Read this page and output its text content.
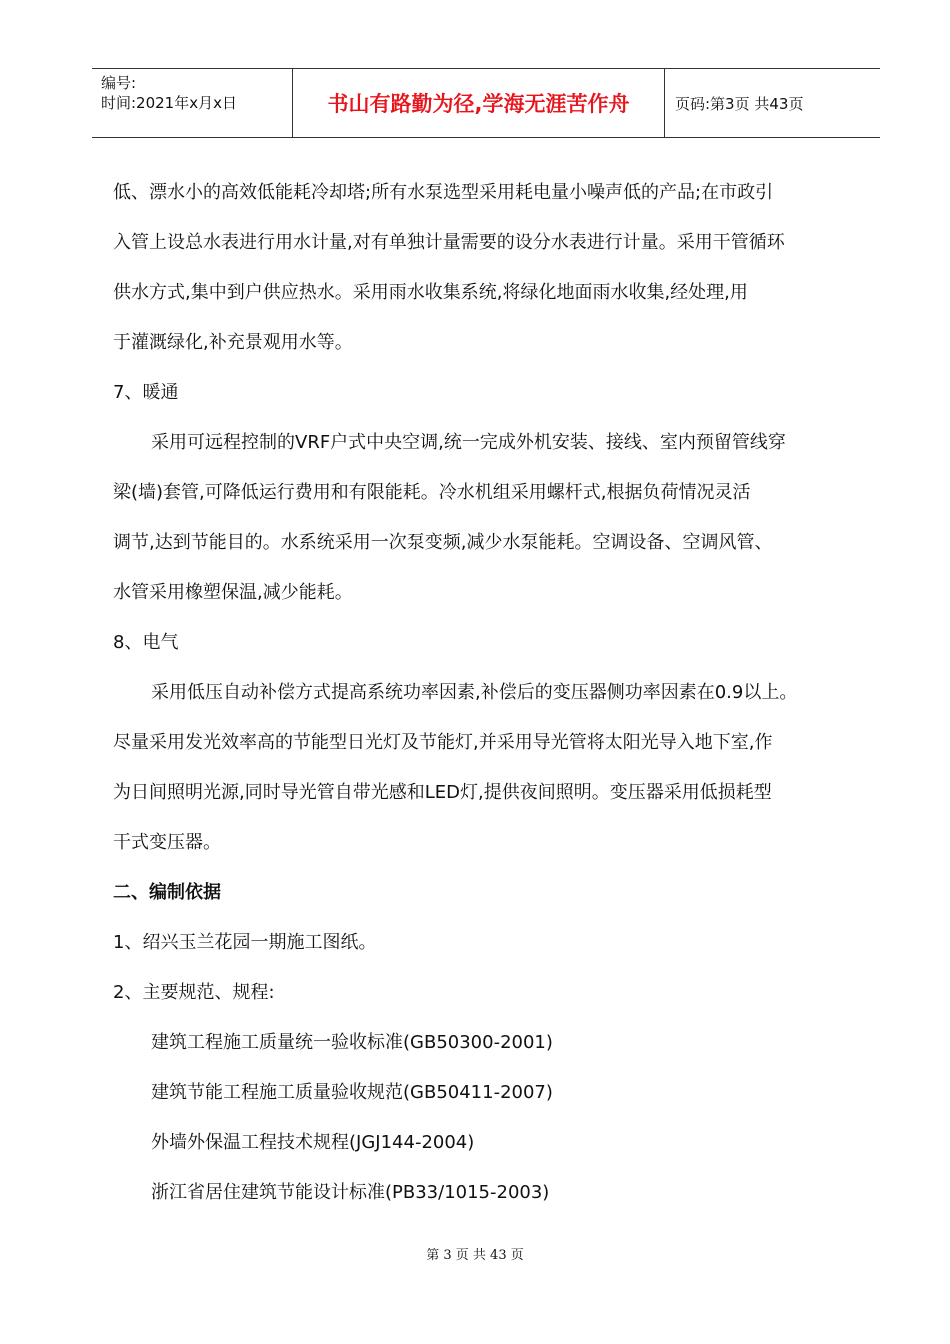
编号:
时间:2021年x月x日	书山有路勤为径,学海无涯苦作舟	页码:第3页 共43页

低、漂水小的高效低能耗冷却塔;所有水泵选型采用耗电量小噪声低的产品;在市政引

入管上设总水表进行用水计量,对有单独计量需要的设分水表进行计量。采用干管循环

供水方式,集中到户供应热水。采用雨水收集系统,将绿化地面雨水收集,经处理,用

于灌溉绿化,补充景观用水等。

7、暖通

采用可远程控制的VRF户式中央空调,统一完成外机安装、接线、室内预留管线穿

梁(墙)套管,可降低运行费用和有限能耗。冷水机组采用螺杆式,根据负荷情况灵活

调节,达到节能目的。水系统采用一次泵变频,减少水泵能耗。空调设备、空调风管、

水管采用橡塑保温,减少能耗。

8、电气

采用低压自动补偿方式提高系统功率因素,补偿后的变压器侧功率因素在0.9以上。

尽量采用发光效率高的节能型日光灯及节能灯,并采用导光管将太阳光导入地下室,作

为日间照明光源,同时导光管自带光感和LED灯,提供夜间照明。变压器采用低损耗型

干式变压器。

二、编制依据

1、绍兴玉兰花园一期施工图纸。

2、主要规范、规程:

建筑工程施工质量统一验收标准(GB50300-2001)

建筑节能工程施工质量验收规范(GB50411-2007)

外墙外保温工程技术规程(JGJ144-2004)

浙江省居住建筑节能设计标准(PB33/1015-2003)

第 3 页 共 43 页
